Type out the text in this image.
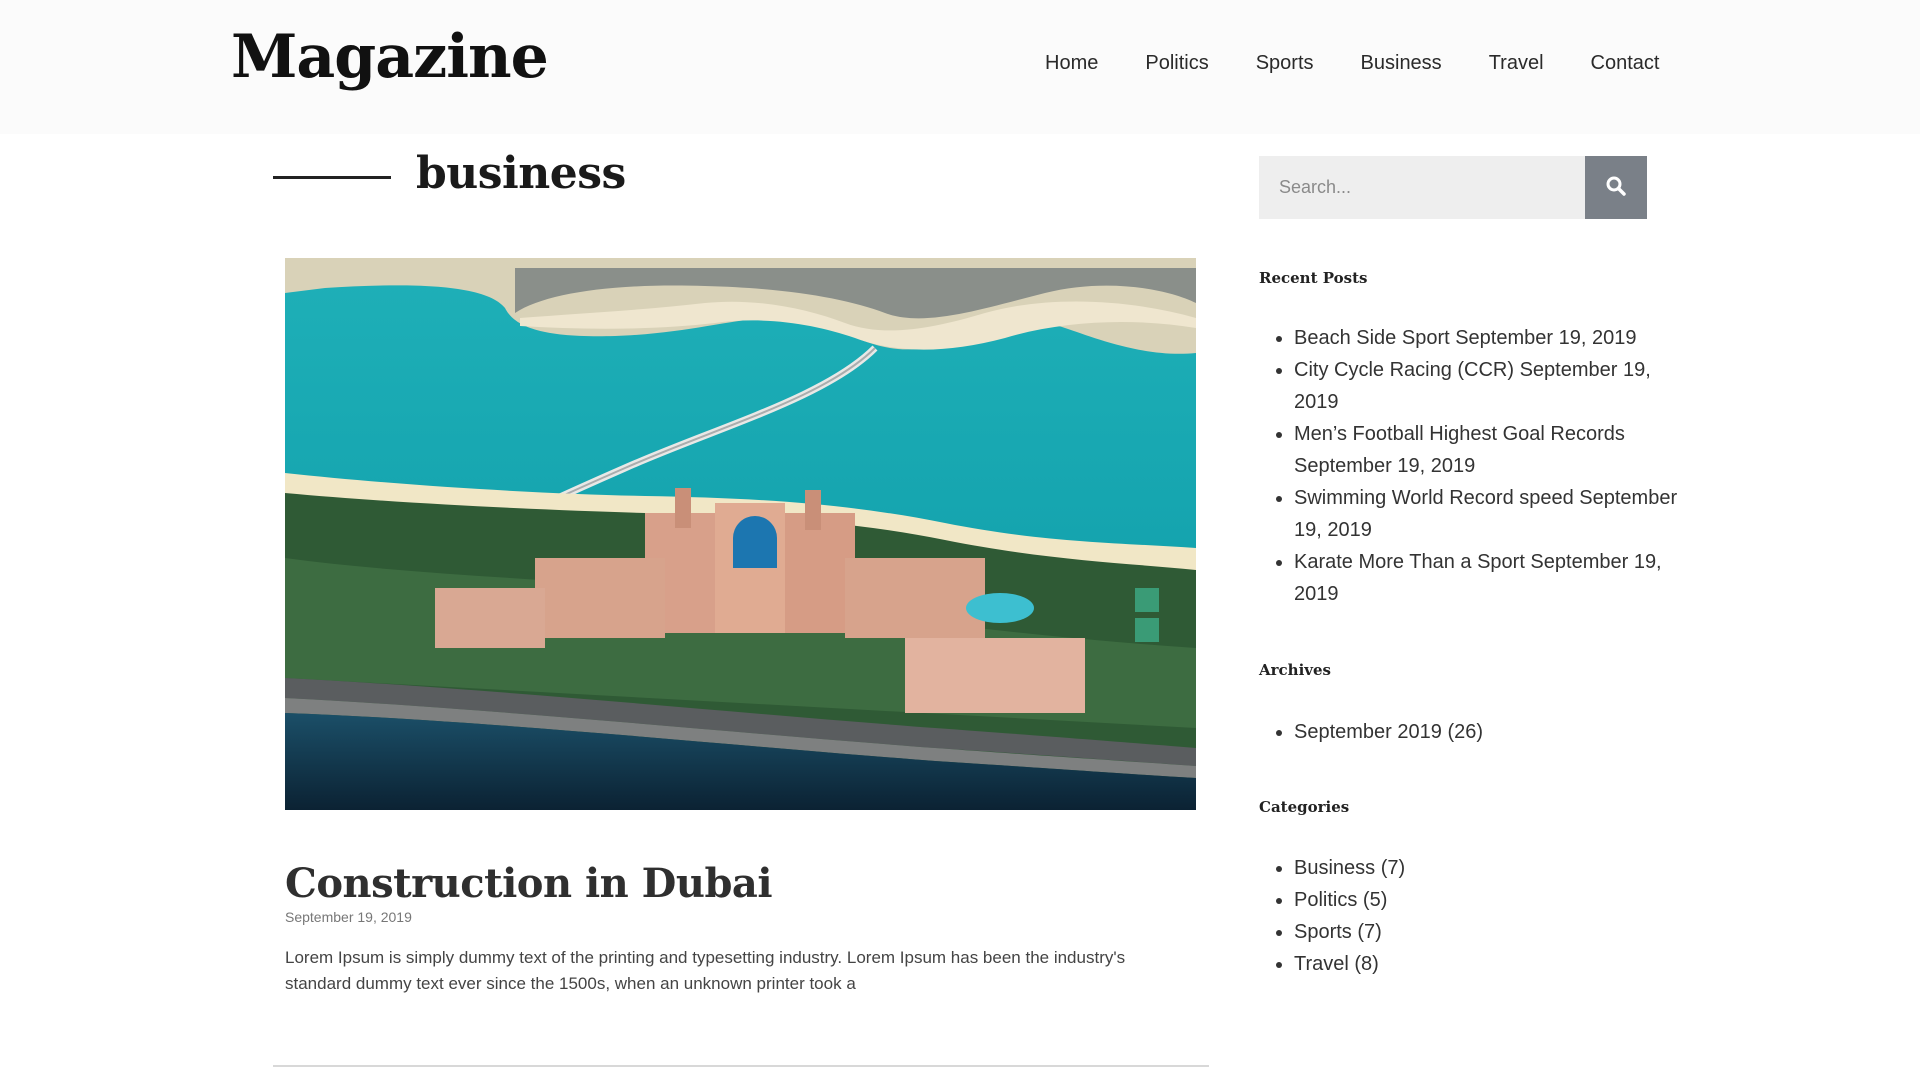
Magazine	Home Politics Sports Business Travel Contact
business
Construction in Dubai
September 19, 2019

Lorem Ipsum is simply dummy text of the printing and typesetting industry. Lorem Ipsum has been the industry's standard dummy text ever since the 1500s, when an unknown printer took a

Search...
Recent Posts
• Beach Side Sport September 19, 2019
• City Cycle Racing (CCR) September 19, 2019
• Men’s Football Highest Goal Records September 19, 2019
• Swimming World Record speed September 19, 2019
• Karate More Than a Sport September 19, 2019
Archives
• September 2019 (26)
Categories
• Business (7)
• Politics (5)
• Sports (7)
• Travel (8)
